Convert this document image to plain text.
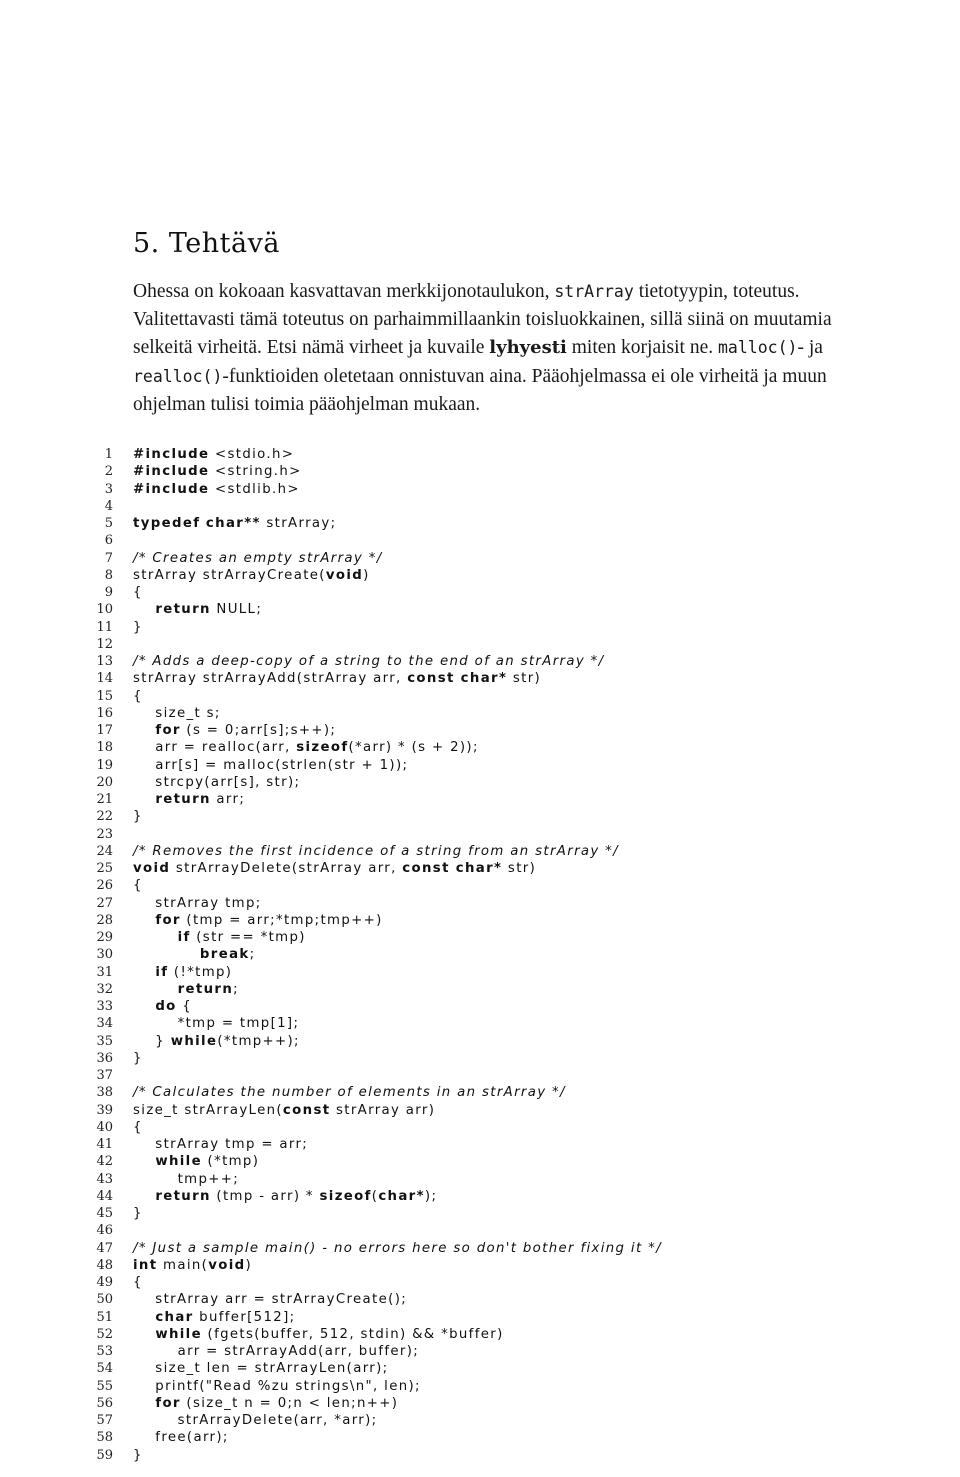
5. Tehtävä

Ohessa on kokoaan kasvattavan merkkijonotaulukon, strArray tietotyypin, toteutus. Valitettavasti tämä toteutus on parhaimmillaankin toisluokkainen, sillä siinä on muutamia selkeitä virheitä. Etsi nämä virheet ja kuvaile lyhyesti miten korjaisit ne. malloc()- ja realloc()-funktioiden oletetaan onnistuvan aina. Pääohjelmassa ei ole virheitä ja muun ohjelman tulisi toimia pääohjelman mukaan.

1 #include <stdio.h>
2 #include <string.h>
3 #include <stdlib.h>
4
5 typedef char** strArray;
6
7 /* Creates an empty strArray */
8 strArray strArrayCreate(void)
9 {
10	return NULL;
11 }
12
13 /* Adds a deep-copy of a string to the end of an strArray */
14 strArray strArrayAdd(strArray arr, const char* str)
15 {
16 size_t s;
17	for (s = 0;arr[s];s++);
18 arr = realloc(arr, sizeof(*arr) * (s + 2));
19 arr[s] = malloc(strlen(str + 1));
20 strcpy(arr[s], str);
21	return arr;
22 }
23
24 /* Removes the first incidence of a string from an strArray */
25 void strArrayDelete(strArray arr, const char* str)
26 {
27 strArray tmp;
28	for (tmp = arr;*tmp;tmp++)
29	if (str == *tmp)
30	break;
31	if (!*tmp)
32	return;
33	do {
34 *tmp = tmp[1];
35 } while(*tmp++);
36 }
37
38 /* Calculates the number of elements in an strArray */
39 size_t strArrayLen(const strArray arr)
40 {
41 strArray tmp = arr;
42	while (*tmp)
43 tmp++;
44	return (tmp - arr) * sizeof(char*);
45 }
46
47 /* Just a sample main() - no errors here so don't bother fixing it */
48 int main(void)
49 {
50 strArray arr = strArrayCreate();
51	char buffer[512];
52	while (fgets(buffer, 512, stdin) && *buffer)
53 arr = strArrayAdd(arr, buffer);
54 size_t len = strArrayLen(arr);
55 printf("Read %zu strings\n", len);
56	for (size_t n = 0;n < len;n++)
57 strArrayDelete(arr, *arr);
58 free(arr);
59 }
